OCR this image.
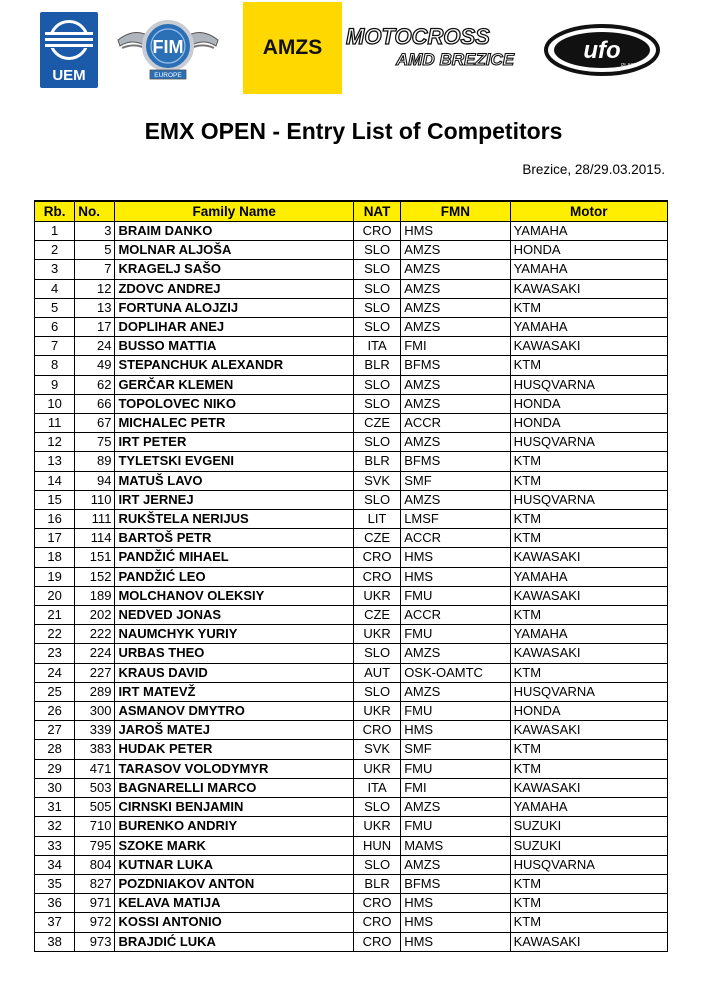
UEM
FIM
EUROPE
AMZS	MOTOCROSS
AMD BREZICE	ufo
PLAST
EMX OPEN - Entry List of Competitors
Brezice, 28/29.03.2015.
Rb.	No.	Family Name	NAT	FMN	Motor
1	3	BRAIM DANKO	CRO	HMS	YAMAHA
2	5	MOLNAR ALJOŠA	SLO	AMZS	HONDA
3	7	KRAGELJ SAŠO	SLO	AMZS	YAMAHA
4	12	ZDOVC ANDREJ	SLO	AMZS	KAWASAKI
5	13	FORTUNA ALOJZIJ	SLO	AMZS	KTM
6	17	DOPLIHAR ANEJ	SLO	AMZS	YAMAHA
7	24	BUSSO MATTIA	ITA	FMI	KAWASAKI
8	49	STEPANCHUK ALEXANDR	BLR	BFMS	KTM
9	62	GERČAR KLEMEN	SLO	AMZS	HUSQVARNA
10	66	TOPOLOVEC NIKO	SLO	AMZS	HONDA
11	67	MICHALEC PETR	CZE	ACCR	HONDA
12	75	IRT PETER	SLO	AMZS	HUSQVARNA
13	89	TYLETSKI EVGENI	BLR	BFMS	KTM
14	94	MATUŠ LAVO	SVK	SMF	KTM
15	110	IRT JERNEJ	SLO	AMZS	HUSQVARNA
16	111	RUKŠTELA NERIJUS	LIT	LMSF	KTM
17	114	BARTOŠ PETR	CZE	ACCR	KTM
18	151	PANDŽIĆ MIHAEL	CRO	HMS	KAWASAKI
19	152	PANDŽIĆ LEO	CRO	HMS	YAMAHA
20	189	MOLCHANOV OLEKSIY	UKR	FMU	KAWASAKI
21	202	NEDVED JONAS	CZE	ACCR	KTM
22	222	NAUMCHYK YURIY	UKR	FMU	YAMAHA
23	224	URBAS THEO	SLO	AMZS	KAWASAKI
24	227	KRAUS DAVID	AUT	OSK-OAMTC	KTM
25	289	IRT MATEVŽ	SLO	AMZS	HUSQVARNA
26	300	ASMANOV DMYTRO	UKR	FMU	HONDA
27	339	JAROŠ MATEJ	CRO	HMS	KAWASAKI
28	383	HUDAK PETER	SVK	SMF	KTM
29	471	TARASOV VOLODYMYR	UKR	FMU	KTM
30	503	BAGNARELLI MARCO	ITA	FMI	KAWASAKI
31	505	CIRNSKI BENJAMIN	SLO	AMZS	YAMAHA
32	710	BURENKO ANDRIY	UKR	FMU	SUZUKI
33	795	SZOKE MARK	HUN	MAMS	SUZUKI
34	804	KUTNAR LUKA	SLO	AMZS	HUSQVARNA
35	827	POZDNIAKOV ANTON	BLR	BFMS	KTM
36	971	KELAVA MATIJA	CRO	HMS	KTM
37	972	KOSSI ANTONIO	CRO	HMS	KTM
38	973	BRAJDIĆ LUKA	CRO	HMS	KAWASAKI
